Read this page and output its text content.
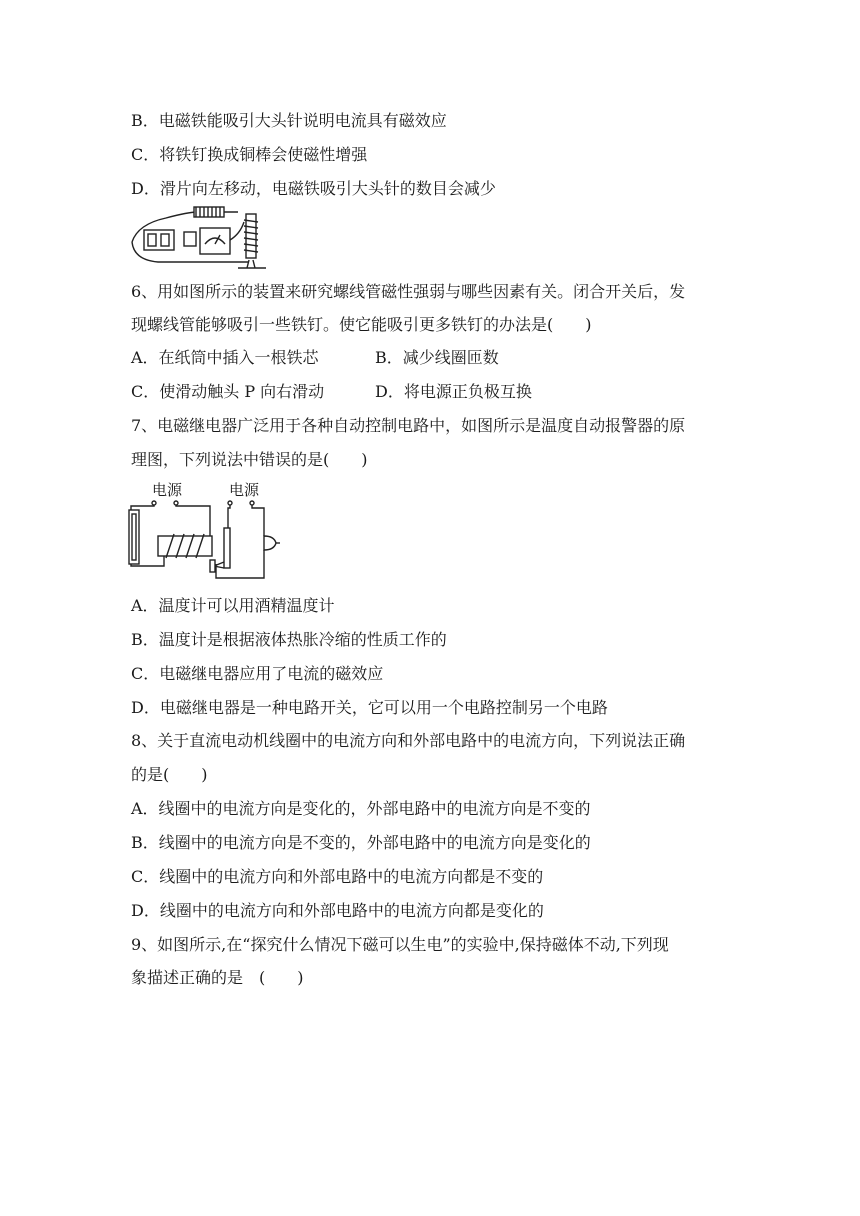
B．电磁铁能吸引大头针说明电流具有磁效应
C．将铁钉换成铜棒会使磁性增强
D．滑片向左移动，电磁铁吸引大头针的数目会减少
6、用如图所示的装置来研究螺线管磁性强弱与哪些因素有关。闭合开关后，发
现螺线管能够吸引一些铁钉。使它能吸引更多铁钉的办法是(　　)
A．在纸筒中插入一根铁芯	B．减少线圈匝数
C．使滑动触头 P 向右滑动	D．将电源正负极互换
7、电磁继电器广泛用于各种自动控制电路中，如图所示是温度自动报警器的原
理图，下列说法中错误的是(　　)
电源	电源
A．温度计可以用酒精温度计
B．温度计是根据液体热胀冷缩的性质工作的
C．电磁继电器应用了电流的磁效应
D．电磁继电器是一种电路开关，它可以用一个电路控制另一个电路
8、关于直流电动机线圈中的电流方向和外部电路中的电流方向，下列说法正确
的是(　　)
A．线圈中的电流方向是变化的，外部电路中的电流方向是不变的
B．线圈中的电流方向是不变的，外部电路中的电流方向是变化的
C．线圈中的电流方向和外部电路中的电流方向都是不变的
D．线圈中的电流方向和外部电路中的电流方向都是变化的
9、如图所示,在“探究什么情况下磁可以生电”的实验中,保持磁体不动,下列现
象描述正确的是　(　　)
